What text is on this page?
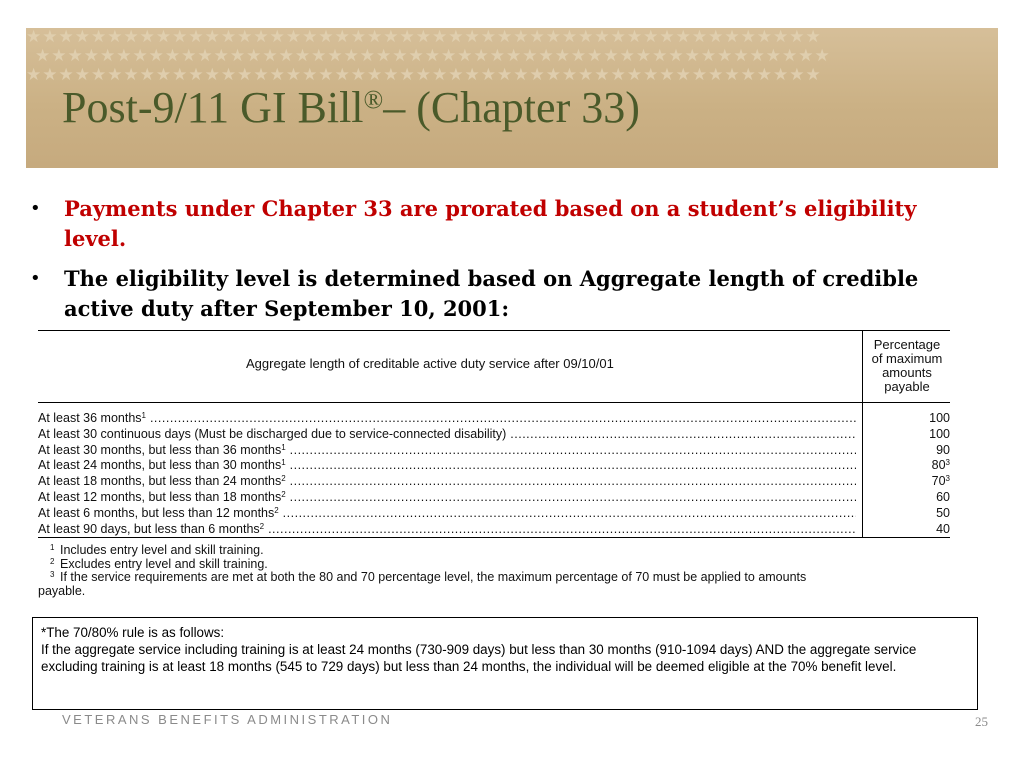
★★★★★★★★★★★★★★★★★★★★★★★★★★★★★★★★★★★★★★★★★★★★★★★★★
★★★★★★★★★★★★★★★★★★★★★★★★★★★★★★★★★★★★★★★★★★★★★★★★★
★★★★★★★★★★★★★★★★★★★★★★★★★★★★★★★★★★★★★★★★★★★★★★★★★
Post-9/11 GI Bill®– (Chapter 33)
• Payments under Chapter 33 are prorated based on a student’s eligibility level.
• The eligibility level is determined based on Aggregate length of credible active duty after September 10, 2001:
Aggregate length of creditable active duty service after 09/10/01
Percentage
of maximum
amounts
payable
At least 36 months$^1$ .....	100
At least 30 continuous days (Must be discharged due to service-connected disability) .....	100
At least 30 months, but less than 36 months$^1$ .....	90
At least 24 months, but less than 30 months$^1$ .....	$80^3$
At least 18 months, but less than 24 months$^2$ .....	$70^3$
At least 12 months, but less than 18 months$^2$ .....	60
At least 6 months, but less than 12 months$^2$ .....	50
At least 90 days, but less than 6 months$^2$ .....	40
1 Includes entry level and skill training.
2 Excludes entry level and skill training.
3 If the service requirements are met at both the 80 and 70 percentage level, the maximum percentage of 70 must be applied to amounts
payable.
*The 70/80% rule is as follows:
If the aggregate service including training is at least 24 months (730-909 days) but less than 30 months (910-1094 days) AND the aggregate service excluding training is at least 18 months (545 to 729 days) but less than 24 months, the individual will be deemed eligible at the 70% benefit level.
VETERANS BENEFITS ADMINISTRATION	25
